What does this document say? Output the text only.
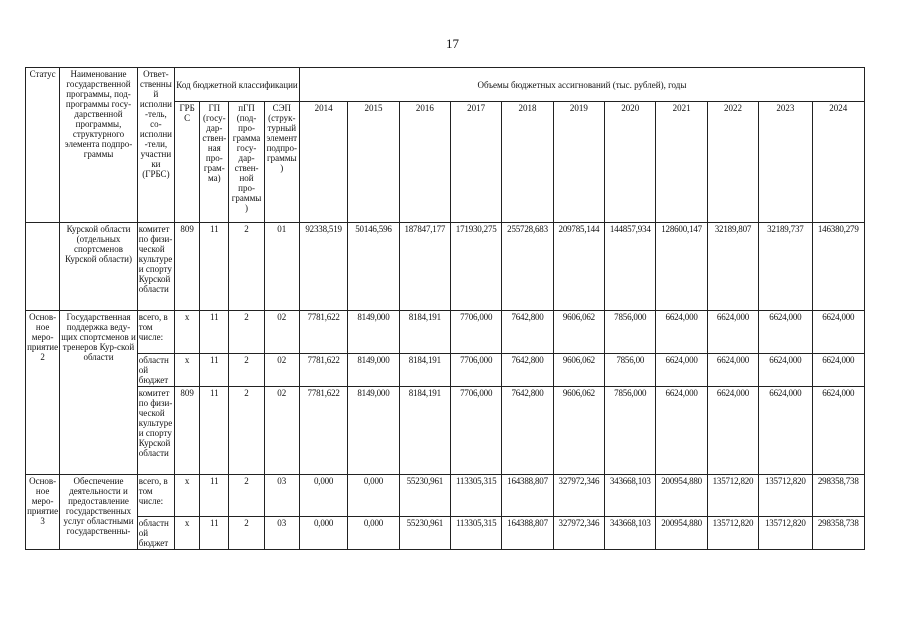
17
Статус	Наименование государственной программы, под-программы госу-дарственной программы, структурного элемента подпро-граммы	Ответ-ственный исполни-тель, со-исполни-тели, участники (ГРБС)	Код бюджетной классификации				Объемы бюджетных ассигнований (тыс. рублей), годы										
			ГРБ С	ГП (госу-дар-ствен-ная про-грам-ма)	пГП (под-про-грамма госу-дар-ствен-ной про-граммы)	СЭП (струк-турный элемент подпро-граммы)	2014	2015	2016	2017	2018	2019	2020	2021	2022	2023	2024
	Курской области (отдельных спортсменов Курской области)	комитет по физи-ческой культуре и спорту Курской области	809	11	2	01	92338,519	50146,596	187847,177	171930,275	255728,683	209785,144	144857,934	128600,147	32189,807	32189,737	146380,279
Основ-ное меро-приятие 2	Государственная поддержка веду-щих спортсменов и тренеров Кур-ской области	всего, в том числе:	x	11	2	02	7781,622	8149,000	8184,191	7706,000	7642,800	9606,062	7856,000	6624,000	6624,000	6624,000	6624,000
		областной бюджет	x	11	2	02	7781,622	8149,000	8184,191	7706,000	7642,800	9606,062	7856,00	6624,000	6624,000	6624,000	6624,000
		комитет по физи-ческой культуре и спорту Курской области	809	11	2	02	7781,622	8149,000	8184,191	7706,000	7642,800	9606,062	7856,000	6624,000	6624,000	6624,000	6624,000
Основ-ное меро-приятие 3	Обеспечение деятельности и предоставление государственных услуг областными государственны-	всего, в том числе:	x	11	2	03	0,000	0,000	55230,961	113305,315	164388,807	327972,346	343668,103	200954,880	135712,820	135712,820	298358,738
		областной бюджет	x	11	2	03	0,000	0,000	55230,961	113305,315	164388,807	327972,346	343668,103	200954,880	135712,820	135712,820	298358,738
